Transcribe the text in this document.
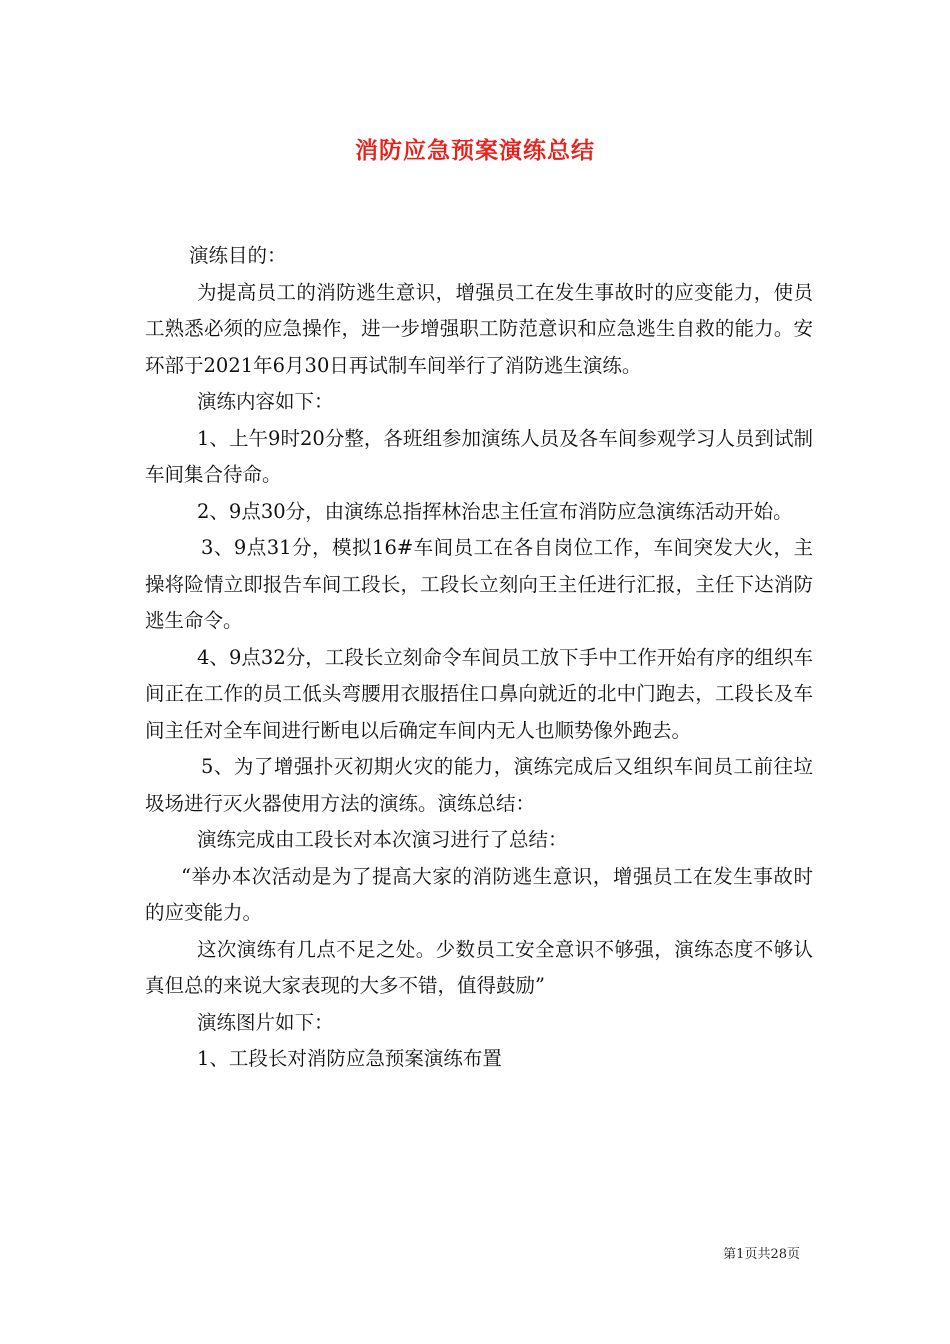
消防应急预案演练总结

演练目的：

为提高员工的消防逃生意识，增强员工在发生事故时的应变能力，使员工熟悉必须的应急操作，进一步增强职工防范意识和应急逃生自救的能力。安环部于2021年6月30日再试制车间举行了消防逃生演练。

演练内容如下：

1、上午9时20分整，各班组参加演练人员及各车间参观学习人员到试制车间集合待命。

2、9点30分，由演练总指挥林治忠主任宣布消防应急演练活动开始。

3、9点31分，模拟16#车间员工在各自岗位工作，车间突发大火，主操将险情立即报告车间工段长，工段长立刻向王主任进行汇报，主任下达消防逃生命令。

4、9点32分，工段长立刻命令车间员工放下手中工作开始有序的组织车间正在工作的员工低头弯腰用衣服捂住口鼻向就近的北中门跑去，工段长及车间主任对全车间进行断电以后确定车间内无人也顺势像外跑去。

5、为了增强扑灭初期火灾的能力，演练完成后又组织车间员工前往垃圾场进行灭火器使用方法的演练。演练总结：

演练完成由工段长对本次演习进行了总结：

“举办本次活动是为了提高大家的消防逃生意识，增强员工在发生事故时的应变能力。

这次演练有几点不足之处。少数员工安全意识不够强，演练态度不够认真但总的来说大家表现的大多不错，值得鼓励”

演练图片如下：

1、工段长对消防应急预案演练布置

第1页共28页
